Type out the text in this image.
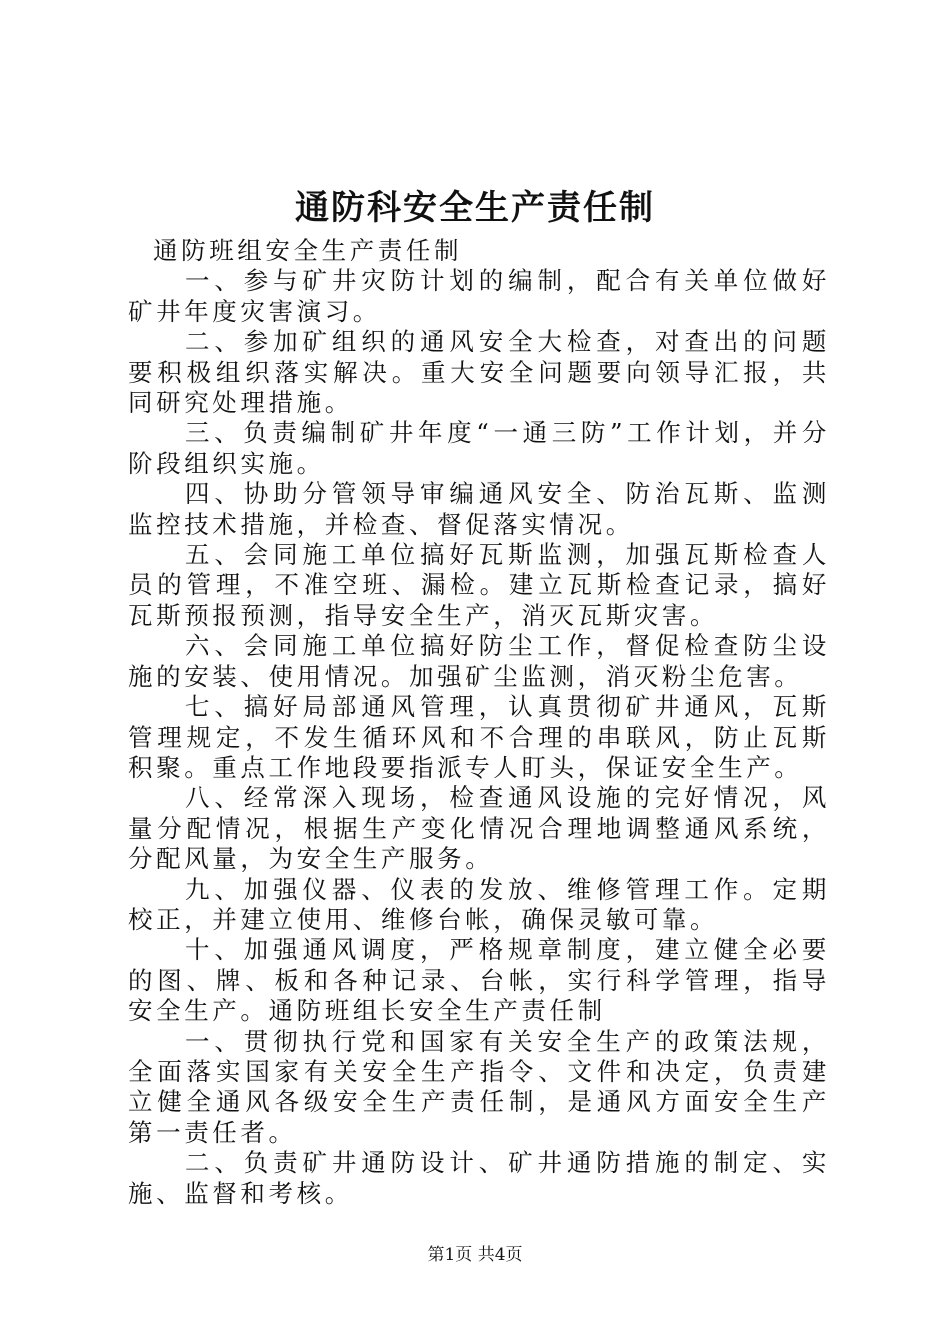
通防科安全生产责任制

通防班组安全生产责任制

一、参与矿井灾防计划的编制，配合有关单位做好矿井年度灾害演习。

二、参加矿组织的通风安全大检查，对查出的问题要积极组织落实解决。重大安全问题要向领导汇报，共同研究处理措施。

三、负责编制矿井年度“一通三防”工作计划，并分阶段组织实施。

四、协助分管领导审编通风安全、防治瓦斯、监测监控技术措施，并检查、督促落实情况。

五、会同施工单位搞好瓦斯监测，加强瓦斯检查人员的管理，不准空班、漏检。建立瓦斯检查记录，搞好瓦斯预报预测，指导安全生产，消灭瓦斯灾害。

六、会同施工单位搞好防尘工作，督促检查防尘设施的安装、使用情况。加强矿尘监测，消灭粉尘危害。

七、搞好局部通风管理，认真贯彻矿井通风，瓦斯管理规定，不发生循环风和不合理的串联风，防止瓦斯积聚。重点工作地段要指派专人盯头，保证安全生产。

八、经常深入现场，检查通风设施的完好情况，风量分配情况，根据生产变化情况合理地调整通风系统，分配风量，为安全生产服务。

九、加强仪器、仪表的发放、维修管理工作。定期校正，并建立使用、维修台帐，确保灵敏可靠。

十、加强通风调度，严格规章制度，建立健全必要的图、牌、板和各种记录、台帐，实行科学管理，指导安全生产。通防班组长安全生产责任制

一、贯彻执行党和国家有关安全生产的政策法规，全面落实国家有关安全生产指令、文件和决定，负责建立健全通风各级安全生产责任制，是通风方面安全生产第一责任者。

二、负责矿井通防设计、矿井通防措施的制定、实施、监督和考核。

第1页 共4页
